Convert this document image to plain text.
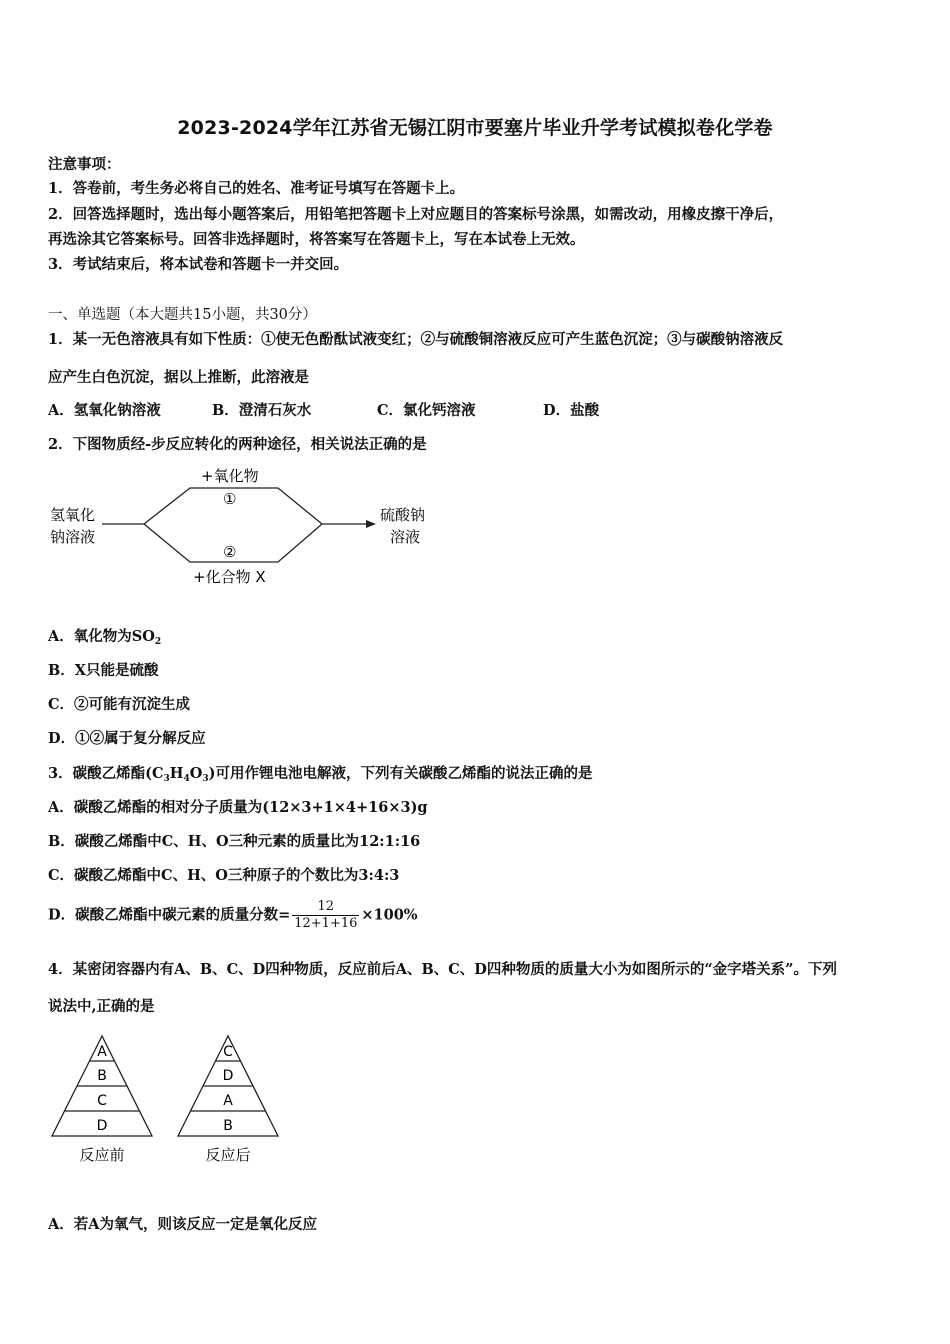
2023-2024学年江苏省无锡江阴市要塞片毕业升学考试模拟卷化学卷
注意事项：
1．答卷前，考生务必将自己的姓名、准考证号填写在答题卡上。
2．回答选择题时，选出每小题答案后，用铅笔把答题卡上对应题目的答案标号涂黑，如需改动，用橡皮擦干净后，
再选涂其它答案标号。回答非选择题时，将答案写在答题卡上，写在本试卷上无效。
3．考试结束后，将本试卷和答题卡一并交回。
一、单选题（本大题共15小题，共30分）
1．某一无色溶液具有如下性质：①使无色酚酞试液变红；②与硫酸铜溶液反应可产生蓝色沉淀；③与碳酸钠溶液反
应产生白色沉淀，据以上推断，此溶液是
A．氢氧化钠溶液	B．澄清石灰水	C．氯化钙溶液	D．盐酸
2．下图物质经-步反应转化的两种途径，相关说法正确的是
氢氧化
钠溶液
+氧化物
①
②
+化合物 X
硫酸钠
溶液
A．氧化物为$SO_2$
B．X只能是硫酸
C．②可能有沉淀生成
D．①②属于复分解反应
3．碳酸乙烯酯$(C_3H_4O_3)$可用作锂电池电解液，下列有关碳酸乙烯酯的说法正确的是
A．碳酸乙烯酯的相对分子质量为(12×3+1×4+16×3)g
B．碳酸乙烯酯中C、H、O三种元素的质量比为12:1:16
C．碳酸乙烯酯中C、H、O三种原子的个数比为3:4:3
D．碳酸乙烯酯中碳元素的质量分数= $\frac{12}{12+1+16} \times 100\%$
4．某密闭容器内有A、B、C、D四种物质，反应前后A、B、C、D四种物质的质量大小为如图所示的“金字塔关系”。下列
说法中,正确的是
A
B
C
D
反应前
C
D
A
B
反应后
A．若A为氧气，则该反应一定是氧化反应
